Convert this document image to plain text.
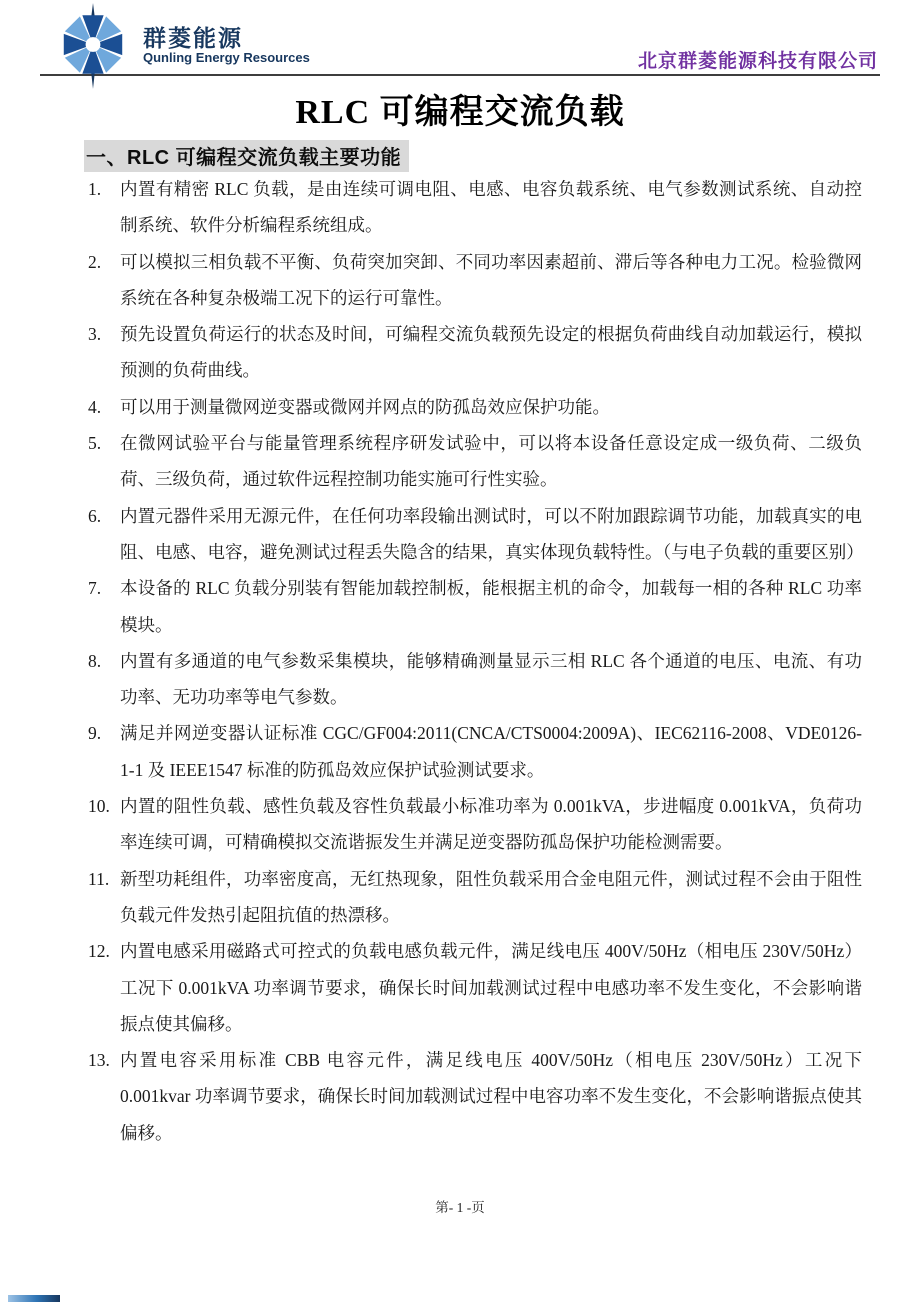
群菱能源
Qunling Energy Resources	北京群菱能源科技有限公司
RLC 可编程交流负载
一、RLC 可编程交流负载主要功能
1. 内置有精密 RLC 负载，是由连续可调电阻、电感、电容负载系统、电气参数测试系统、自动控制系统、软件分析编程系统组成。
2. 可以模拟三相负载不平衡、负荷突加突卸、不同功率因素超前、滞后等各种电力工况。检验微网系统在各种复杂极端工况下的运行可靠性。
3. 预先设置负荷运行的状态及时间，可编程交流负载预先设定的根据负荷曲线自动加载运行，模拟预测的负荷曲线。
4. 可以用于测量微网逆变器或微网并网点的防孤岛效应保护功能。
5. 在微网试验平台与能量管理系统程序研发试验中，可以将本设备任意设定成一级负荷、二级负荷、三级负荷，通过软件远程控制功能实施可行性实验。
6. 内置元器件采用无源元件，在任何功率段输出测试时，可以不附加跟踪调节功能，加载真实的电阻、电感、电容，避免测试过程丢失隐含的结果，真实体现负载特性。（与电子负载的重要区别）
7. 本设备的 RLC 负载分别装有智能加载控制板，能根据主机的命令，加载每一相的各种 RLC 功率模块。
8. 内置有多通道的电气参数采集模块，能够精确测量显示三相 RLC 各个通道的电压、电流、有功功率、无功功率等电气参数。
9. 满足并网逆变器认证标准 CGC/GF004:2011(CNCA/CTS0004:2009A)、IEC62116-2008、VDE0126-1-1 及 IEEE1547 标准的防孤岛效应保护试验测试要求。
10. 内置的阻性负载、感性负载及容性负载最小标准功率为 0.001kVA，步进幅度 0.001kVA，负荷功率连续可调，可精确模拟交流谐振发生并满足逆变器防孤岛保护功能检测需要。
11. 新型功耗组件，功率密度高，无红热现象，阻性负载采用合金电阻元件，测试过程不会由于阻性负载元件发热引起阻抗值的热漂移。
12. 内置电感采用磁路式可控式的负载电感负载元件，满足线电压 400V/50Hz（相电压 230V/50Hz）工况下 0.001kVA 功率调节要求，确保长时间加载测试过程中电感功率不发生变化，不会影响谐振点使其偏移。
13. 内置电容采用标准 CBB 电容元件，满足线电压 400V/50Hz（相电压 230V/50Hz）工况下 0.001kvar 功率调节要求，确保长时间加载测试过程中电容功率不发生变化，不会影响谐振点使其偏移。
第- 1 -页
